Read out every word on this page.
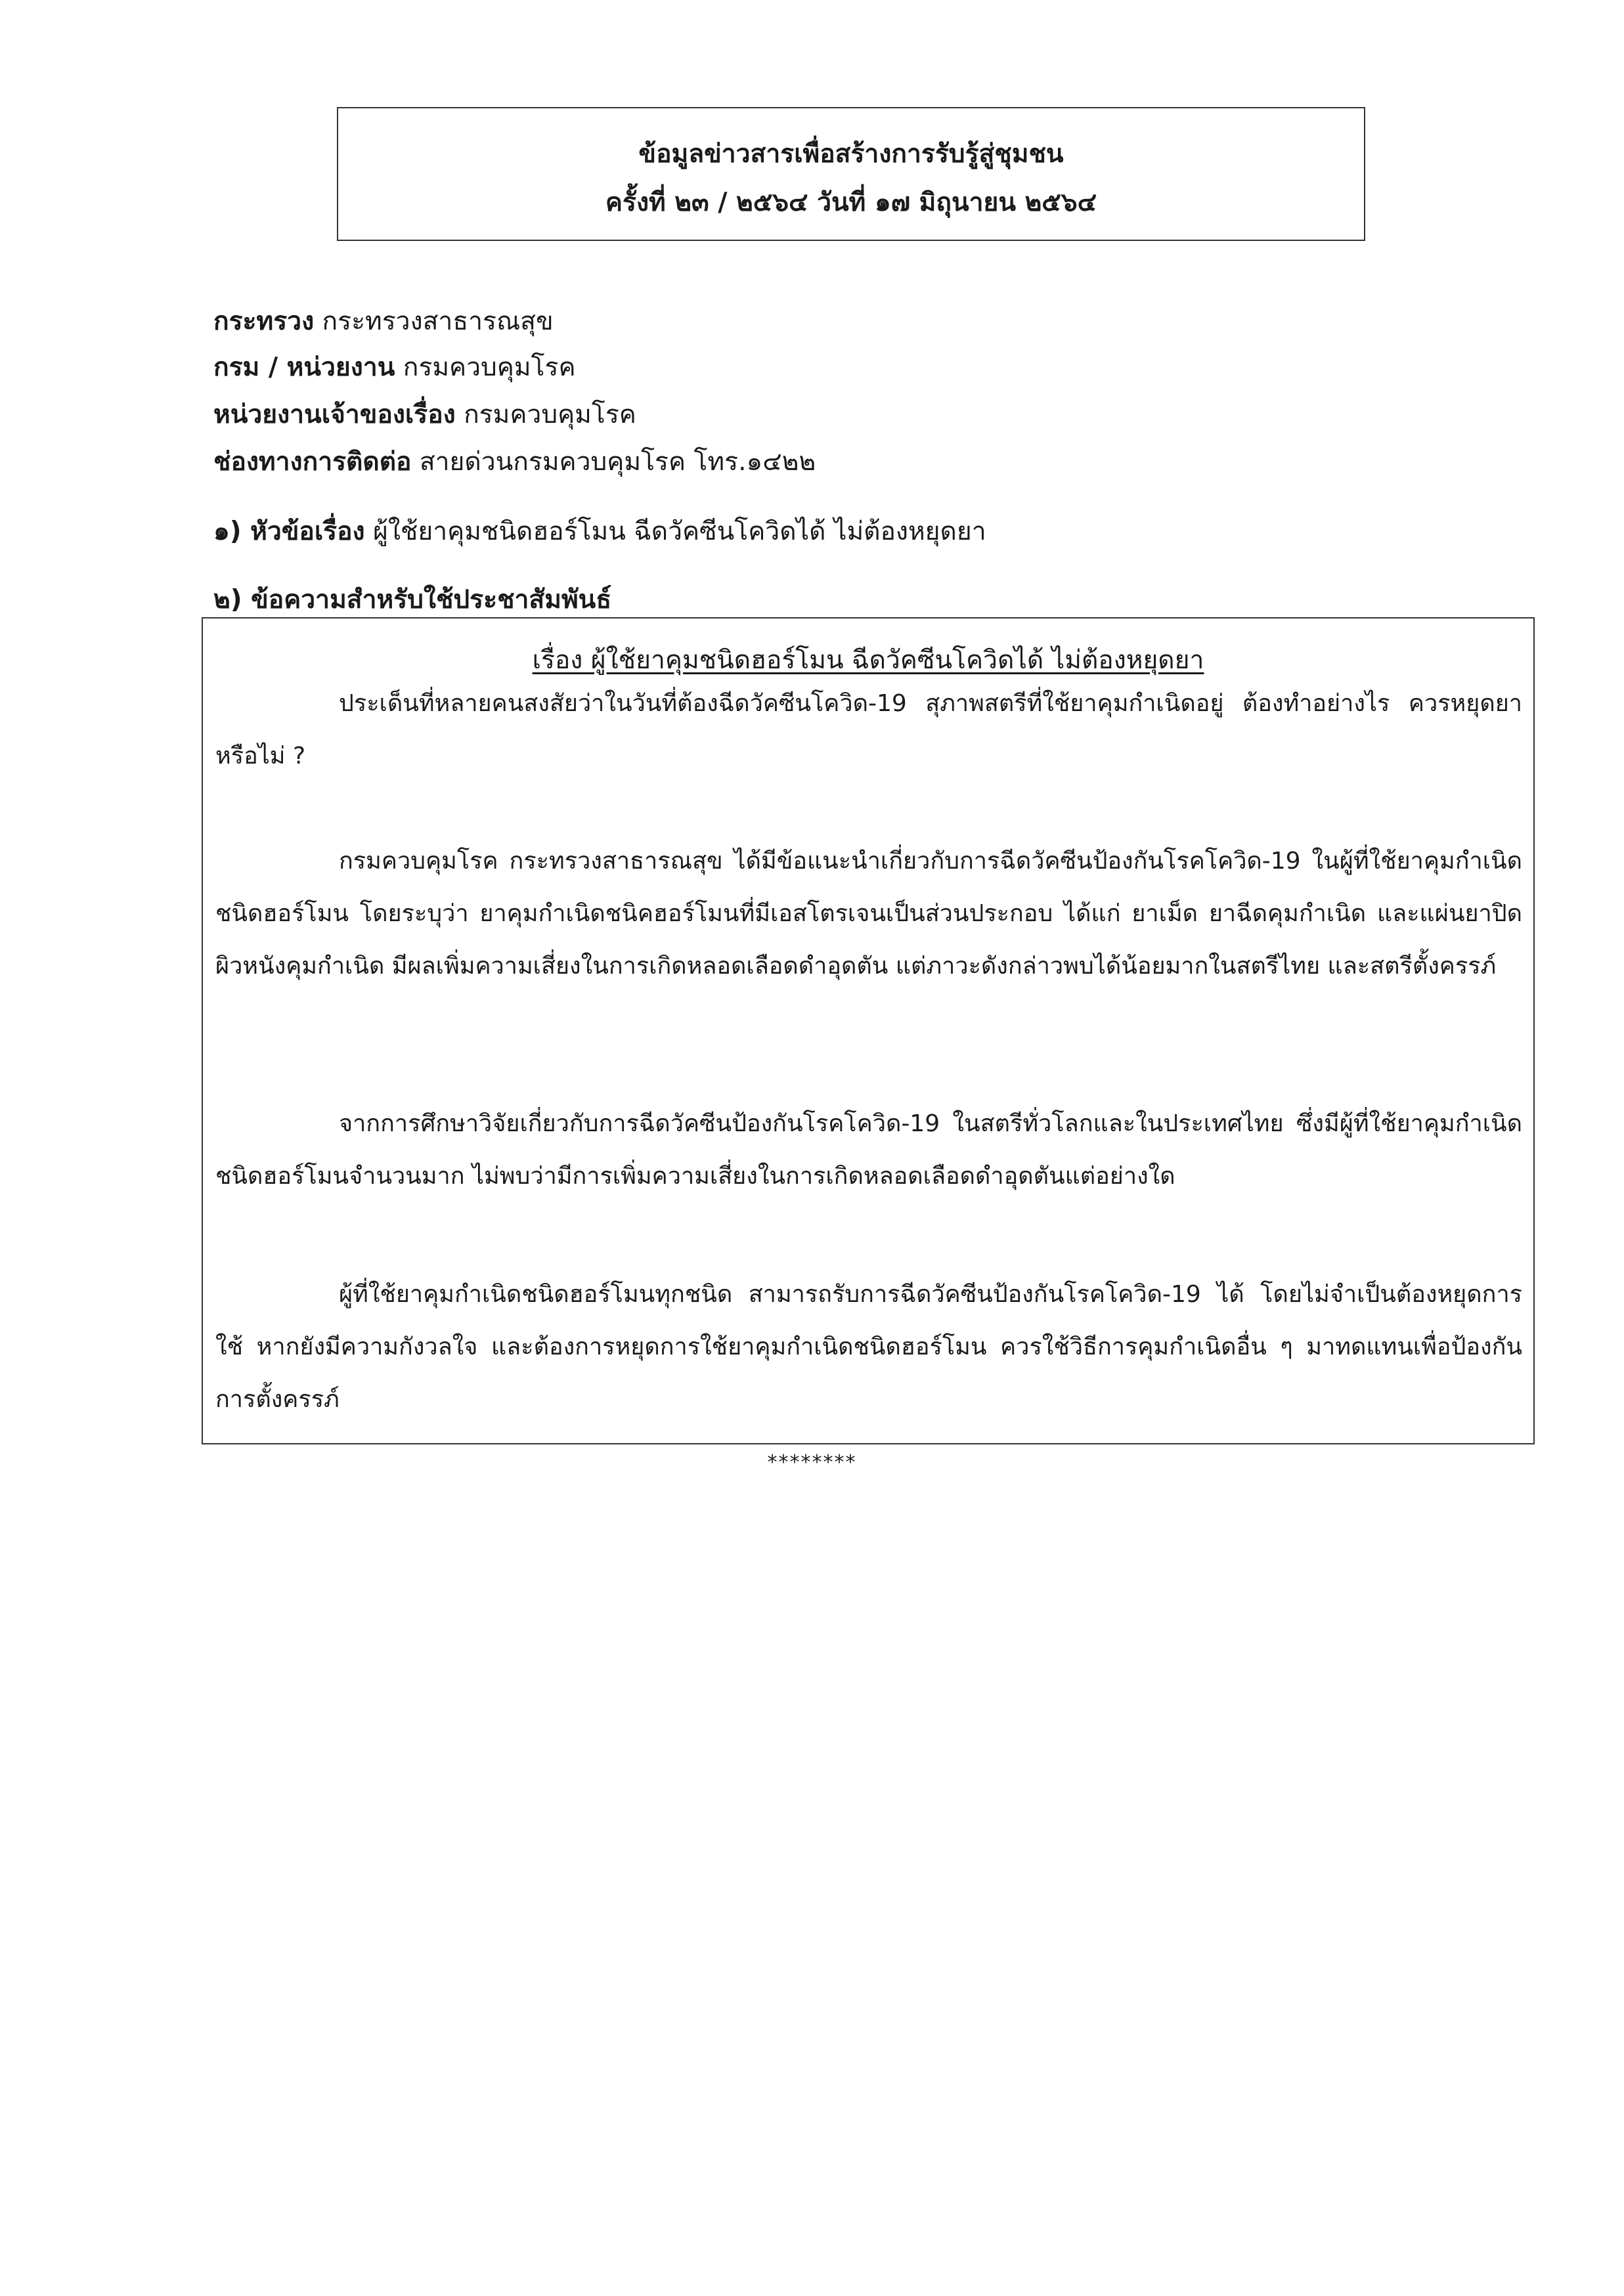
ข้อมูลข่าวสารเพื่อสร้างการรับรู้สู่ชุมชน
ครั้งที่ ๒๓ / ๒๕๖๔ วันที่ ๑๗ มิถุนายน ๒๕๖๔
กระทรวง กระทรวงสาธารณสุข
กรม / หน่วยงาน กรมควบคุมโรค
หน่วยงานเจ้าของเรื่อง กรมควบคุมโรค
ช่องทางการติดต่อ สายด่วนกรมควบคุมโรค โทร.๑๔๒๒
๑) หัวข้อเรื่อง ผู้ใช้ยาคุมชนิดฮอร์โมน ฉีดวัคซีนโควิดได้ ไม่ต้องหยุดยา
๒) ข้อความสำหรับใช้ประชาสัมพันธ์
เรื่อง ผู้ใช้ยาคุมชนิดฮอร์โมน ฉีดวัคซีนโควิดได้ ไม่ต้องหยุดยา

ประเด็นที่หลายคนสงสัยว่าในวันที่ต้องฉีดวัคซีนโควิด-19 สุภาพสตรีที่ใช้ยาคุมกำเนิดอยู่ ต้องทำอย่างไร ควรหยุดยาหรือไม่ ?

กรมควบคุมโรค กระทรวงสาธารณสุข ได้มีข้อแนะนำเกี่ยวกับการฉีดวัคซีนป้องกันโรคโควิด-19 ในผู้ที่ใช้ยาคุมกำเนิดชนิดฮอร์โมน โดยระบุว่า ยาคุมกำเนิดชนิคฮอร์โมนที่มีเอสโตรเจนเป็นส่วนประกอบ ได้แก่ ยาเม็ด ยาฉีดคุมกำเนิด และแผ่นยาปิดผิวหนังคุมกำเนิด มีผลเพิ่มความเสี่ยงในการเกิดหลอดเลือดดำอุดตัน แต่ภาวะดังกล่าวพบได้น้อยมากในสตรีไทย และสตรีตั้งครรภ์

จากการศึกษาวิจัยเกี่ยวกับการฉีดวัคซีนป้องกันโรคโควิด-19 ในสตรีทั่วโลกและในประเทศไทย ซึ่งมีผู้ที่ใช้ยาคุมกำเนิดชนิดฮอร์โมนจำนวนมาก ไม่พบว่ามีการเพิ่มความเสี่ยงในการเกิดหลอดเลือดดำอุดตันแต่อย่างใด

ผู้ที่ใช้ยาคุมกำเนิดชนิดฮอร์โมนทุกชนิด สามารถรับการฉีดวัคซีนป้องกันโรคโควิด-19 ได้ โดยไม่จำเป็นต้องหยุดการใช้ หากยังมีความกังวลใจ และต้องการหยุดการใช้ยาคุมกำเนิดชนิดฮอร์โมน ควรใช้วิธีการคุมกำเนิดอื่น ๆ มาทดแทนเพื่อป้องกันการตั้งครรภ์

********
